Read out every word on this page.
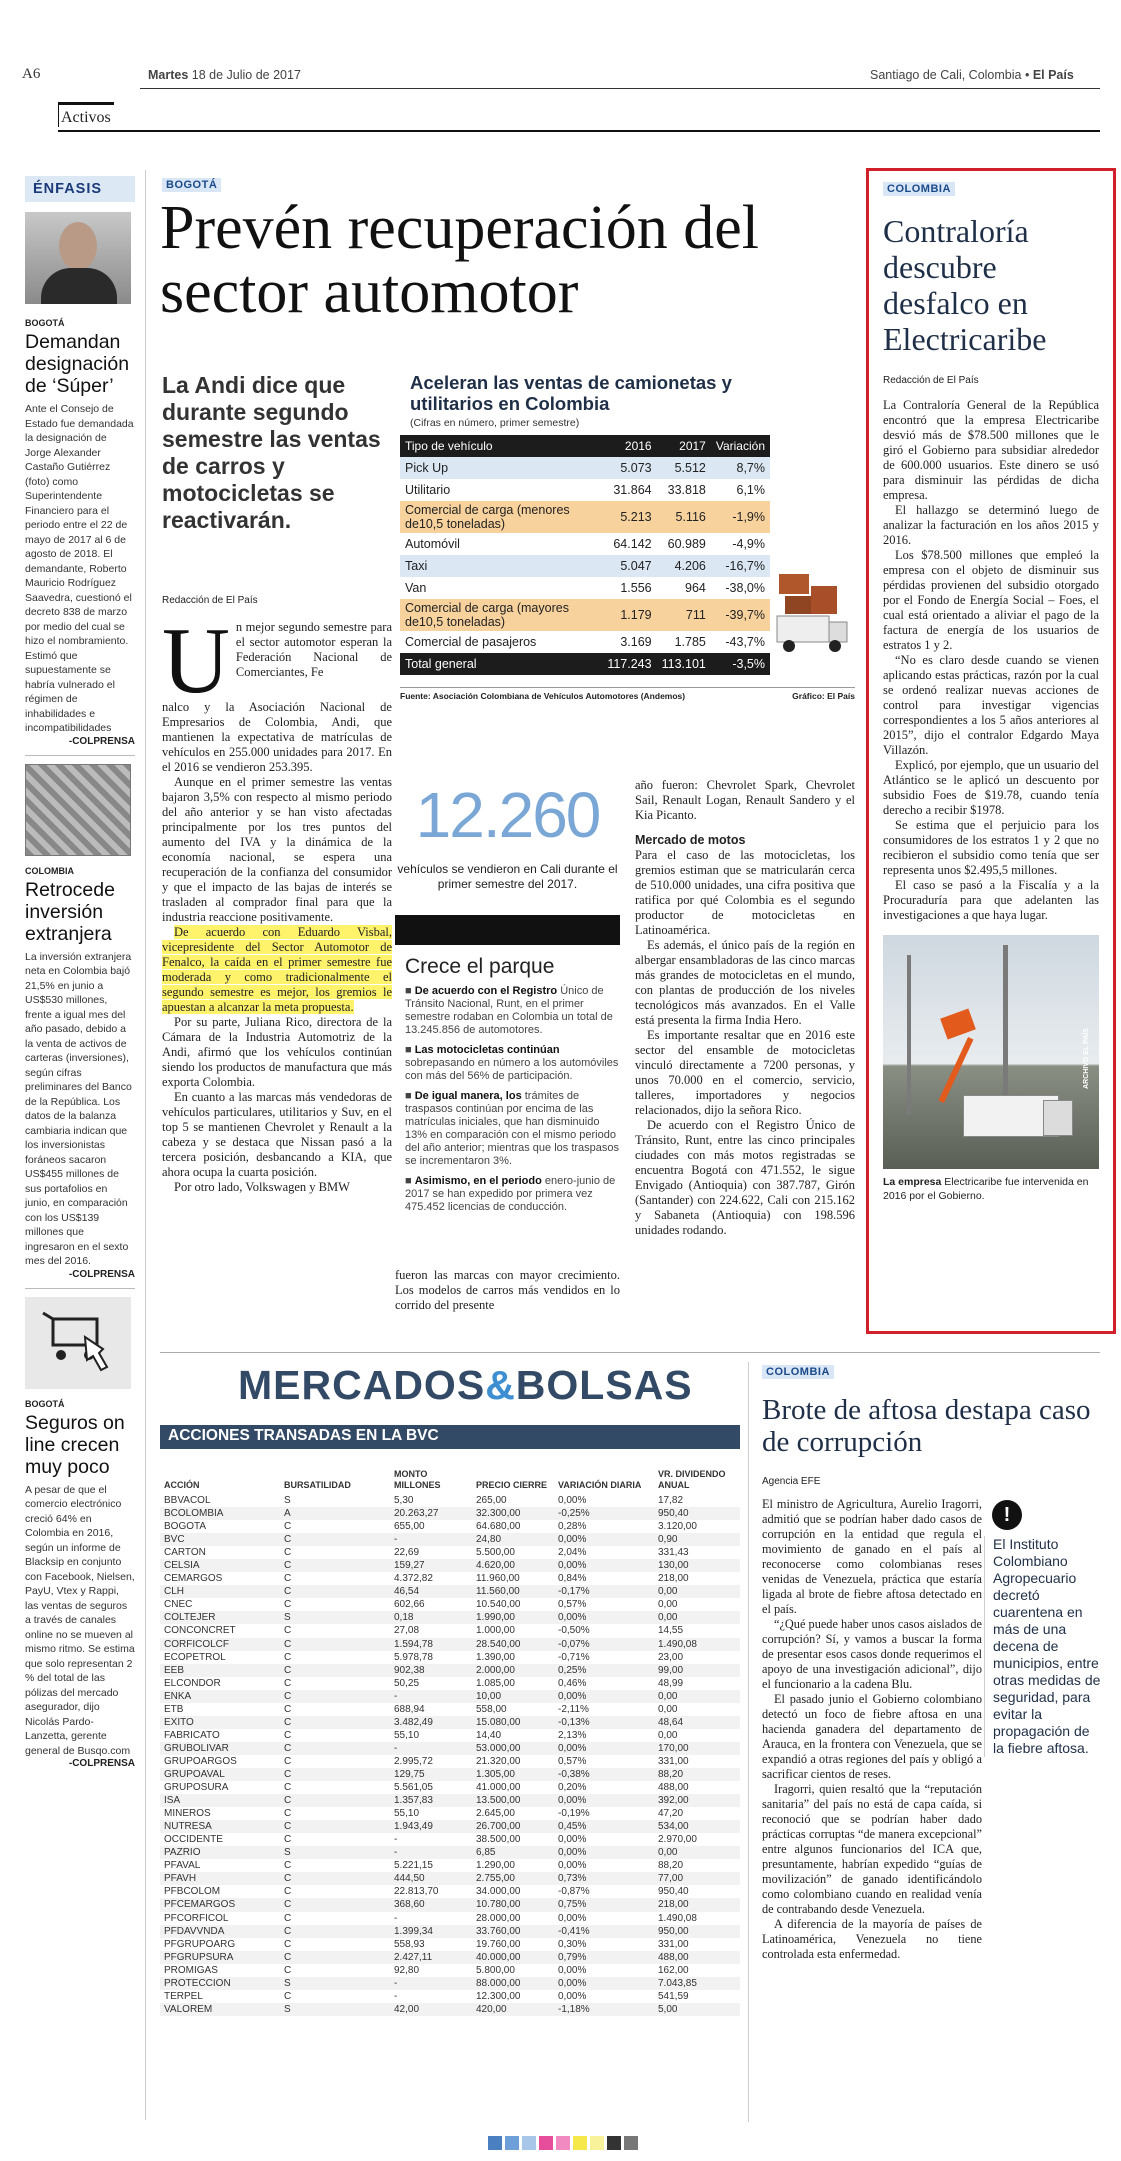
A6	Martes 18 de Julio de 2017	Santiago de Cali, Colombia • El País
Activos
ÉNFASIS
BOGOTÁ
Demandan designación de ‘Súper’
Ante el Consejo de Estado fue demandada la designación de Jorge Alexander Castaño Gutiérrez (foto) como Superintendente Financiero para el periodo entre el 22 de mayo de 2017 al 6 de agosto de 2018. El demandante, Roberto Mauricio Rodríguez Saavedra, cuestionó el decreto 838 de marzo por medio del cual se hizo el nombramiento. Estimó que supuestamente se habría vulnerado el régimen de inhabilidades e incompatibilidades
-COLPRENSA
COLOMBIA
Retrocede inversión extranjera
La inversión extranjera neta en Colombia bajó 21,5% en junio a US$530 millones, frente a igual mes del año pasado, debido a la venta de activos de carteras (inversiones), según cifras preliminares del Banco de la República. Los datos de la balanza cambiaria indican que los inversionistas foráneos sacaron US$455 millones de sus portafolios en junio, en comparación con los US$139 millones que ingresaron en el sexto mes del 2016.
-COLPRENSA
BOGOTÁ
Seguros on line crecen muy poco
A pesar de que el comercio electrónico creció 64% en Colombia en 2016, según un informe de Blacksip en conjunto con Facebook, Nielsen, PayU, Vtex y Rappi, las ventas de seguros a través de canales online no se mueven al mismo ritmo. Se estima que solo representan 2 % del total de las pólizas del mercado asegurador, dijo Nicolás Pardo-Lanzetta, gerente general de Busqo.com
-COLPRENSA
BOGOTÁ
Prevén recuperación del sector automotor
La Andi dice que durante segundo semestre las ventas de carros y motocicletas se reactivarán.
Redacción de El País
U n mejor segundo semestre para el sector automotor esperan la Federación Nacional de Comerciantes, Fe

nalco y la Asociación Nacional de Empresarios de Colombia, Andi, que mantienen la expectativa de matrículas de vehículos en 255.000 unidades para 2017. En el 2016 se vendieron 253.395.

Aunque en el primer semestre las ventas bajaron 3,5% con respecto al mismo periodo del año anterior y se han visto afectadas principalmente por los tres puntos del aumento del IVA y la dinámica de la economía nacional, se espera una recuperación de la confianza del consumidor y que el impacto de las bajas de interés se trasladen al comprador final para que la industria reaccione positivamente.

De acuerdo con Eduardo Visbal, vicepresidente del Sector Automotor de Fenalco, la caída en el primer semestre fue moderada y como tradicionalmente el segundo semestre es mejor, los gremios le apuestan a alcanzar la meta propuesta.

Por su parte, Juliana Rico, directora de la Cámara de la Industria Automotriz de la Andi, afirmó que los vehículos continúan siendo los productos de manufactura que más exporta Colombia.

En cuanto a las marcas más vendedoras de vehículos particulares, utilitarios y Suv, en el top 5 se mantienen Chevrolet y Renault a la cabeza y se destaca que Nissan pasó a la tercera posición, desbancando a KIA, que ahora ocupa la cuarta posición.

Por otro lado, Volkswagen y BMW

Aceleran las ventas de camionetas y utilitarios en Colombia
(Cifras en número, primer semestre)
Tipo de vehículo	2016	2017	Variación
Pick Up	5.073	5.512	8,7%
Utilitario	31.864	33.818	6,1%
Comercial de carga (menores de10,5 toneladas)	5.213	5.116	-1,9%
Automóvil	64.142	60.989	-4,9%
Taxi	5.047	4.206	-16,7%
Van	1.556	964	-38,0%
Comercial de carga (mayores de10,5 toneladas)	1.179	711	-39,7%
Comercial de pasajeros	3.169	1.785	-43,7%
Total general	117.243	113.101	-3,5%
Fuente: Asociación Colombiana de Vehículos Automotores (Andemos)	Gráfico: El País
12.260
vehículos se vendieron en Cali durante el primer semestre del 2017.
Crece el parque
■ De acuerdo con el Registro Único de Tránsito Nacional, Runt, en el primer semestre rodaban en Colombia un total de 13.245.856 de automotores.
■ Las motocicletas continúan sobrepasando en número a los automóviles con más del 56% de participación.
■ De igual manera, los trámites de traspasos continúan por encima de las matrículas iniciales, que han disminuido 13% en comparación con el mismo periodo del año anterior; mientras que los traspasos se incrementaron 3%.
■ Asimismo, en el periodo enero-junio de 2017 se han expedido por primera vez 475.452 licencias de conducción.
fueron las marcas con mayor crecimiento. Los modelos de carros más vendidos en lo corrido del presente

año fueron: Chevrolet Spark, Chevrolet Sail, Renault Logan, Renault Sandero y el Kia Picanto.

Mercado de motos

Para el caso de las motocicletas, los gremios estiman que se matricularán cerca de 510.000 unidades, una cifra positiva que ratifica por qué Colombia es el segundo productor de motocicletas en Latinoamérica.

Es además, el único país de la región en albergar ensambladoras de las cinco marcas más grandes de motocicletas en el mundo, con plantas de producción de los niveles tecnológicos más avanzados. En el Valle está presenta la firma India Hero.

Es importante resaltar que en 2016 este sector del ensamble de motocicletas vinculó directamente a 7200 personas, y unos 70.000 en el comercio, servicio, talleres, importadores y negocios relacionados, dijo la señora Rico.

De acuerdo con el Registro Único de Tránsito, Runt, entre las cinco principales ciudades con más motos registradas se encuentra Bogotá con 471.552, le sigue Envigado (Antioquia) con 387.787, Girón (Santander) con 224.622, Cali con 215.162 y Sabaneta (Antioquia) con 198.596 unidades rodando.

COLOMBIA
Contraloría descubre desfalco en Electricaribe
Redacción de El País

La Contraloría General de la República encontró que la empresa Electricaribe desvió más de $78.500 millones que le giró el Gobierno para subsidiar alrededor de 600.000 usuarios. Este dinero se usó para disminuir las pérdidas de dicha empresa.

El hallazgo se determinó luego de analizar la facturación en los años 2015 y 2016.

Los $78.500 millones que empleó la empresa con el objeto de disminuir sus pérdidas provienen del subsidio otorgado por el Fondo de Energía Social – Foes, el cual está orientado a aliviar el pago de la factura de energía de los usuarios de estratos 1 y 2.

“No es claro desde cuando se vienen aplicando estas prácticas, razón por la cual se ordenó realizar nuevas acciones de control para investigar vigencias correspondientes a los 5 años anteriores al 2015”, dijo el contralor Edgardo Maya Villazón.

Explicó, por ejemplo, que un usuario del Atlántico se le aplicó un descuento por subsidio Foes de $19.78, cuando tenía derecho a recibir $1978.

Se estima que el perjuicio para los consumidores de los estratos 1 y 2 que no recibieron el subsidio como tenía que ser representa unos $2.495,5 millones.

El caso se pasó a la Fiscalía y a la Procuraduría para que adelanten las investigaciones a que haya lugar.

ARCHIVO EL PAÍS
La empresa Electricaribe fue intervenida en 2016 por el Gobierno.
MERCADOS&BOLSAS
ACCIONES TRANSADAS EN LA BVC
ACCIÓN	BURSATILIDAD	MONTO MILLONES	PRECIO CIERRE	VARIACIÓN DIARIA	VR. DIVIDENDO ANUAL
BBVACOL	S	5,30	265,00	0,00%	17,82
BCOLOMBIA	A	20.263,27	32.300,00	-0,25%	950,40
BOGOTA	C	655,00	64.680,00	0,28%	3.120,00
BVC	C	-	24,80	0,00%	0,90
CARTON	C	22,69	5.500,00	2,04%	331,43
CELSIA	C	159,27	4.620,00	0,00%	130,00
CEMARGOS	C	4.372,82	11.960,00	0,84%	218,00
CLH	C	46,54	11.560,00	-0,17%	0,00
CNEC	C	602,66	10.540,00	0,57%	0,00
COLTEJER	S	0,18	1.990,00	0,00%	0,00
CONCONCRET	C	27,08	1.000,00	-0,50%	14,55
CORFICOLCF	C	1.594,78	28.540,00	-0,07%	1.490,08
ECOPETROL	C	5.978,78	1.390,00	-0,71%	23,00
EEB	C	902,38	2.000,00	0,25%	99,00
ELCONDOR	C	50,25	1.085,00	0,46%	48,99
ENKA	C	-	10,00	0,00%	0,00
ETB	C	688,94	558,00	-2,11%	0,00
EXITO	C	3.482,49	15.080,00	-0,13%	48,64
FABRICATO	C	55,10	14,40	2,13%	0,00
GRUBOLIVAR	C	-	53.000,00	0,00%	170,00
GRUPOARGOS	C	2.995,72	21.320,00	0,57%	331,00
GRUPOAVAL	C	129,75	1.305,00	-0,38%	88,20
GRUPOSURA	C	5.561,05	41.000,00	0,20%	488,00
ISA	C	1.357,83	13.500,00	0,00%	392,00
MINEROS	C	55,10	2.645,00	-0,19%	47,20
NUTRESA	C	1.943,49	26.700,00	0,45%	534,00
OCCIDENTE	C	-	38.500,00	0,00%	2.970,00
PAZRIO	S	-	6,85	0,00%	0,00
PFAVAL	C	5.221,15	1.290,00	0,00%	88,20
PFAVH	C	444,50	2.755,00	0,73%	77,00
PFBCOLOM	C	22.813,70	34.000,00	-0,87%	950,40
PFCEMARGOS	C	368,60	10.780,00	0,75%	218,00
PFCORFICOL	C	-	28.000,00	0,00%	1.490,08
PFDAVVNDA	C	1.399,34	33.760,00	-0,41%	950,00
PFGRUPOARG	C	558,93	19.760,00	0,30%	331,00
PFGRUPSURA	C	2.427,11	40.000,00	0,79%	488,00
PROMIGAS	C	92,80	5.800,00	0,00%	162,00
PROTECCION	S	-	88.000,00	0,00%	7.043,85
TERPEL	C	-	12.300,00	0,00%	541,59
VALOREM	S	42,00	420,00	-1,18%	5,00
COLOMBIA
Brote de aftosa destapa caso de corrupción
Agencia EFE

El ministro de Agricultura, Aurelio Iragorri, admitió que se podrían haber dado casos de corrupción en la entidad que regula el movimiento de ganado en el país al reconocerse como colombianas reses venidas de Venezuela, práctica que estaría ligada al brote de fiebre aftosa detectado en el país.

“¿Qué puede haber unos casos aislados de corrupción? Sí, y vamos a buscar la forma de presentar esos casos donde requerimos el apoyo de una investigación adicional”, dijo el funcionario a la cadena Blu.

El pasado junio el Gobierno colombiano detectó un foco de fiebre aftosa en una hacienda ganadera del departamento de Arauca, en la frontera con Venezuela, que se expandió a otras regiones del país y obligó a sacrificar cientos de reses.

Iragorri, quien resaltó que la “reputación sanitaria” del país no está de capa caída, si reconoció que se podrían haber dado prácticas corruptas “de manera excepcional” entre algunos funcionarios del ICA que, presuntamente, habrían expedido “guías de movilización” de ganado identificándolo como colombiano cuando en realidad venía de contrabando desde Venezuela.

A diferencia de la mayoría de países de Latinoamérica, Venezuela no tiene controlada esta enfermedad.

!
El Instituto Colombiano Agropecuario decretó cuarentena en más de una decena de municipios, entre otras medidas de seguridad, para evitar la propagación de la fiebre aftosa.
